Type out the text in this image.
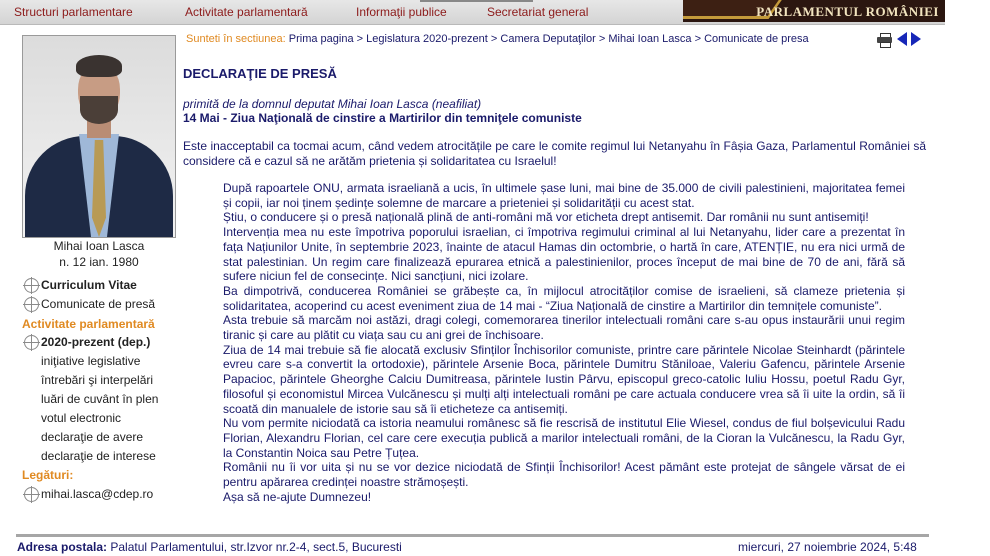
Structuri parlamentare	Activitate parlamentară	Informaţii publice	Secretariat general	PARLAMENTUL ROMÂNIEI
Mihai Ioan Lasca
n. 12 ian. 1980
Curriculum Vitae
Comunicate de presă
Activitate parlamentară
2020-prezent (dep.)
iniţiative legislative
întrebări şi interpelări
luări de cuvânt în plen
votul electronic
declaraţie de avere
declaraţie de interese
Legături:
mihai.lasca@cdep.ro
Sunteti în sectiunea: Prima pagina > Legislatura 2020-prezent > Camera Deputaţilor > Mihai Ioan Lasca > Comunicate de presa
DECLARAŢIE DE PRESĂ
primită de la domnul deputat Mihai Ioan Lasca (neafiliat)
14 Mai - Ziua Naţională de cinstire a Martirilor din temniţele comuniste
Este inacceptabil ca tocmai acum, când vedem atrocitățile pe care le comite regimul lui Netanyahu în Fâșia Gaza, Parlamentul României să considere că e cazul să ne arătăm prietenia și solidaritatea cu Israelul!

După rapoartele ONU, armata israeliană a ucis, în ultimele șase luni, mai bine de 35.000 de civili palestinieni, majoritatea femei și copii, iar noi ținem ședințe solemne de marcare a prieteniei și solidarității cu acest stat.

Știu, o conducere și o presă națională plină de anti-români mă vor eticheta drept antisemit. Dar românii nu sunt antisemiți!

Intervenția mea nu este împotriva poporului israelian, ci împotriva regimului criminal al lui Netanyahu, lider care a prezentat în fața Națiunilor Unite, în septembrie 2023, înainte de atacul Hamas din octombrie, o hartă în care, ATENȚIE, nu era nici urmă de stat palestinian. Un regim care finalizează epurarea etnică a palestinienilor, proces început de mai bine de 70 de ani, fără să sufere niciun fel de consecințe. Nici sancțiuni, nici izolare.

Ba dimpotrivă, conducerea României se grăbește ca, în mijlocul atrocităților comise de israelieni, să clameze prietenia și solidaritatea, acoperind cu acest eveniment ziua de 14 mai - “Ziua Națională de cinstire a Martirilor din temnițele comuniste”.

Asta trebuie să marcăm noi astăzi, dragi colegi, comemorarea tinerilor intelectuali români care s-au opus instaurării unui regim tiranic și care au plătit cu viața sau cu ani grei de închisoare.

Ziua de 14 mai trebuie să fie alocată exclusiv Sfinților Închisorilor comuniste, printre care părintele Nicolae Steinhardt (părintele evreu care s-a convertit la ortodoxie), părintele Arsenie Boca, părintele Dumitru Stăniloae, Valeriu Gafencu, părintele Arsenie Papacioc, părintele Gheorghe Calciu Dumitreasa, părintele Iustin Pârvu, episcopul greco-catolic Iuliu Hossu, poetul Radu Gyr, filosoful și economistul Mircea Vulcănescu și mulți alți intelectuali români pe care actuala conducere vrea să îi uite la ordin, să îi scoată din manualele de istorie sau să îi eticheteze ca antisemiți.

Nu vom permite niciodată ca istoria neamului românesc să fie rescrisă de institutul Elie Wiesel, condus de fiul bolșevicului Radu Florian, Alexandru Florian, cel care cere execuția publică a marilor intelectuali români, de la Cioran la Vulcănescu, la Radu Gyr, la Constantin Noica sau Petre Țuțea.

Românii nu îi vor uita și nu se vor dezice niciodată de Sfinții Închisorilor! Acest pământ este protejat de sângele vărsat de ei pentru apărarea credinței noastre strămoșești.

Așa să ne-ajute Dumnezeu!

Adresa postala: Palatul Parlamentului, str.Izvor nr.2-4, sect.5, Bucuresti	miercuri, 27 noiembrie 2024, 5:48
